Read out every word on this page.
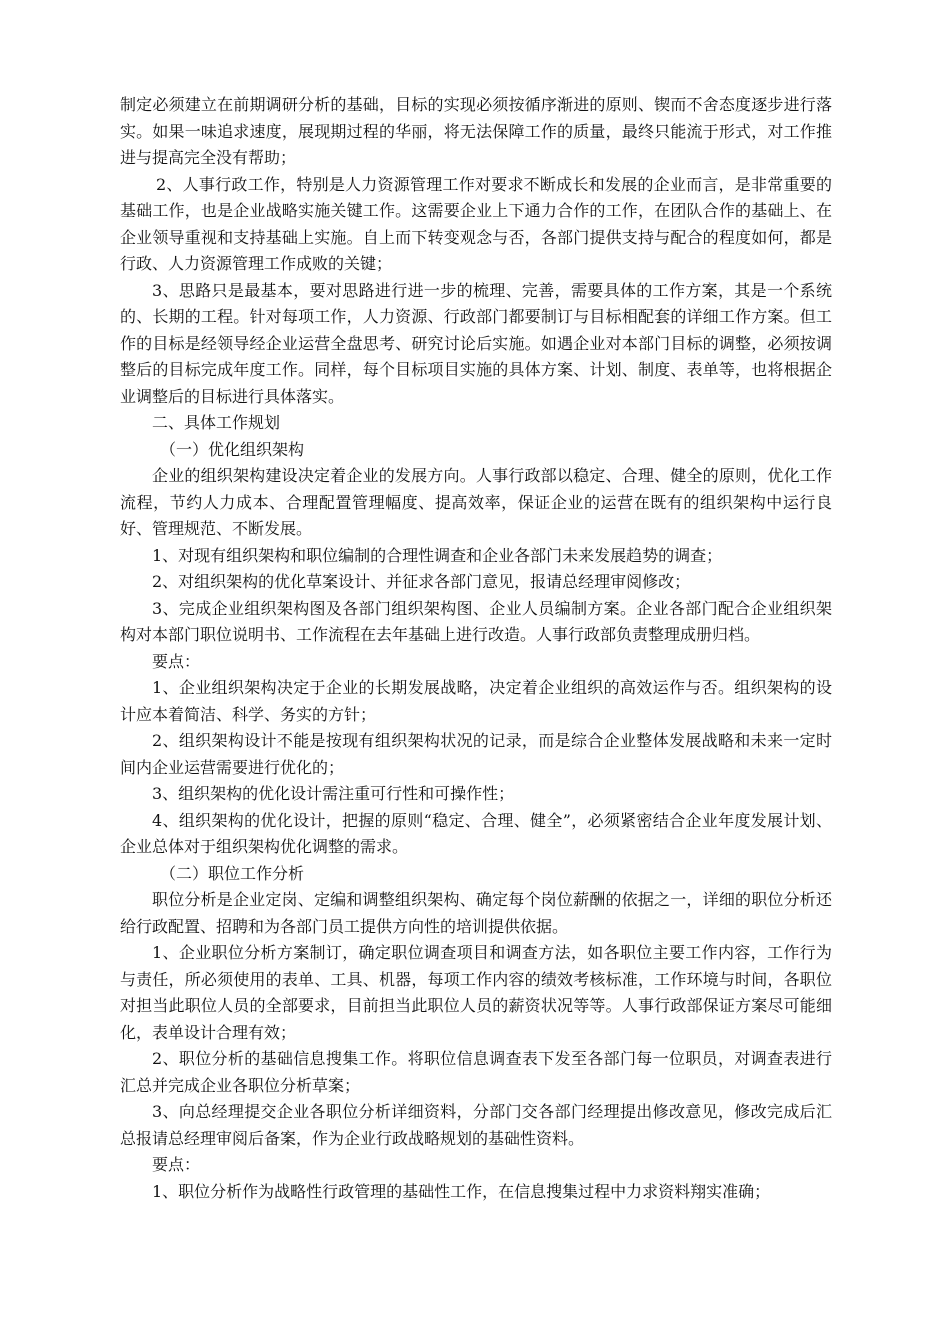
制定必须建立在前期调研分析的基础，目标的实现必须按循序渐进的原则、锲而不舍态度逐步进行落实。如果一味追求速度，展现期过程的华丽，将无法保障工作的质量，最终只能流于形式，对工作推进与提高完全没有帮助；

2、人事行政工作，特别是人力资源管理工作对要求不断成长和发展的企业而言，是非常重要的基础工作，也是企业战略实施关键工作。这需要企业上下通力合作的工作，在团队合作的基础上、在企业领导重视和支持基础上实施。自上而下转变观念与否，各部门提供支持与配合的程度如何，都是行政、人力资源管理工作成败的关键；

3、思路只是最基本，要对思路进行进一步的梳理、完善，需要具体的工作方案，其是一个系统的、长期的工程。针对每项工作，人力资源、行政部门都要制订与目标相配套的详细工作方案。但工作的目标是经领导经企业运营全盘思考、研究讨论后实施。如遇企业对本部门目标的调整，必须按调整后的目标完成年度工作。同样，每个目标项目实施的具体方案、计划、制度、表单等，也将根据企业调整后的目标进行具体落实。

二、具体工作规划

（一）优化组织架构

企业的组织架构建设决定着企业的发展方向。人事行政部以稳定、合理、健全的原则，优化工作流程，节约人力成本、合理配置管理幅度、提高效率，保证企业的运营在既有的组织架构中运行良好、管理规范、不断发展。

1、对现有组织架构和职位编制的合理性调查和企业各部门未来发展趋势的调查；

2、对组织架构的优化草案设计、并征求各部门意见，报请总经理审阅修改；

3、完成企业组织架构图及各部门组织架构图、企业人员编制方案。企业各部门配合企业组织架构对本部门职位说明书、工作流程在去年基础上进行改造。人事行政部负责整理成册归档。

要点：

1、企业组织架构决定于企业的长期发展战略，决定着企业组织的高效运作与否。组织架构的设计应本着简洁、科学、务实的方针；

2、组织架构设计不能是按现有组织架构状况的记录，而是综合企业整体发展战略和未来一定时间内企业运营需要进行优化的；

3、组织架构的优化设计需注重可行性和可操作性；

4、组织架构的优化设计，把握的原则“稳定、合理、健全”，必须紧密结合企业年度发展计划、企业总体对于组织架构优化调整的需求。

（二）职位工作分析

职位分析是企业定岗、定编和调整组织架构、确定每个岗位薪酬的依据之一，详细的职位分析还给行政配置、招聘和为各部门员工提供方向性的培训提供依据。

1、企业职位分析方案制订，确定职位调查项目和调查方法，如各职位主要工作内容，工作行为与责任，所必须使用的表单、工具、机器，每项工作内容的绩效考核标准，工作环境与时间，各职位对担当此职位人员的全部要求，目前担当此职位人员的薪资状况等等。人事行政部保证方案尽可能细化，表单设计合理有效；

2、职位分析的基础信息搜集工作。将职位信息调查表下发至各部门每一位职员，对调查表进行汇总并完成企业各职位分析草案；

3、向总经理提交企业各职位分析详细资料，分部门交各部门经理提出修改意见，修改完成后汇总报请总经理审阅后备案，作为企业行政战略规划的基础性资料。

要点：

1、职位分析作为战略性行政管理的基础性工作，在信息搜集过程中力求资料翔实准确；
